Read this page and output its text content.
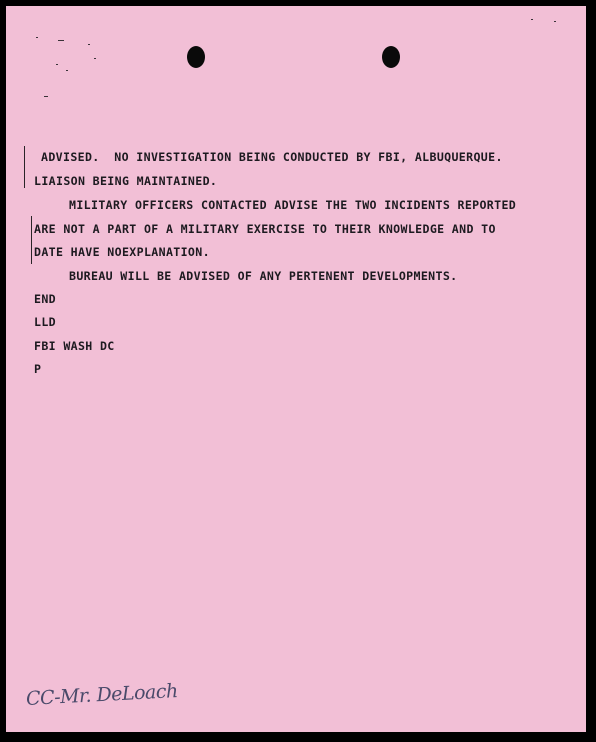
ADVISED.  NO INVESTIGATION BEING CONDUCTED BY FBI, ALBUQUERQUE.
LIAISON BEING MAINTAINED.
MILITARY OFFICERS CONTACTED ADVISE THE TWO INCIDENTS REPORTED
ARE NOT A PART OF A MILITARY EXERCISE TO THEIR KNOWLEDGE AND TO
DATE HAVE NOEXPLANATION.
BUREAU WILL BE ADVISED OF ANY PERTENENT DEVELOPMENTS.
END
LLD
FBI WASH DC
P
CC-Mr. DeLoach
